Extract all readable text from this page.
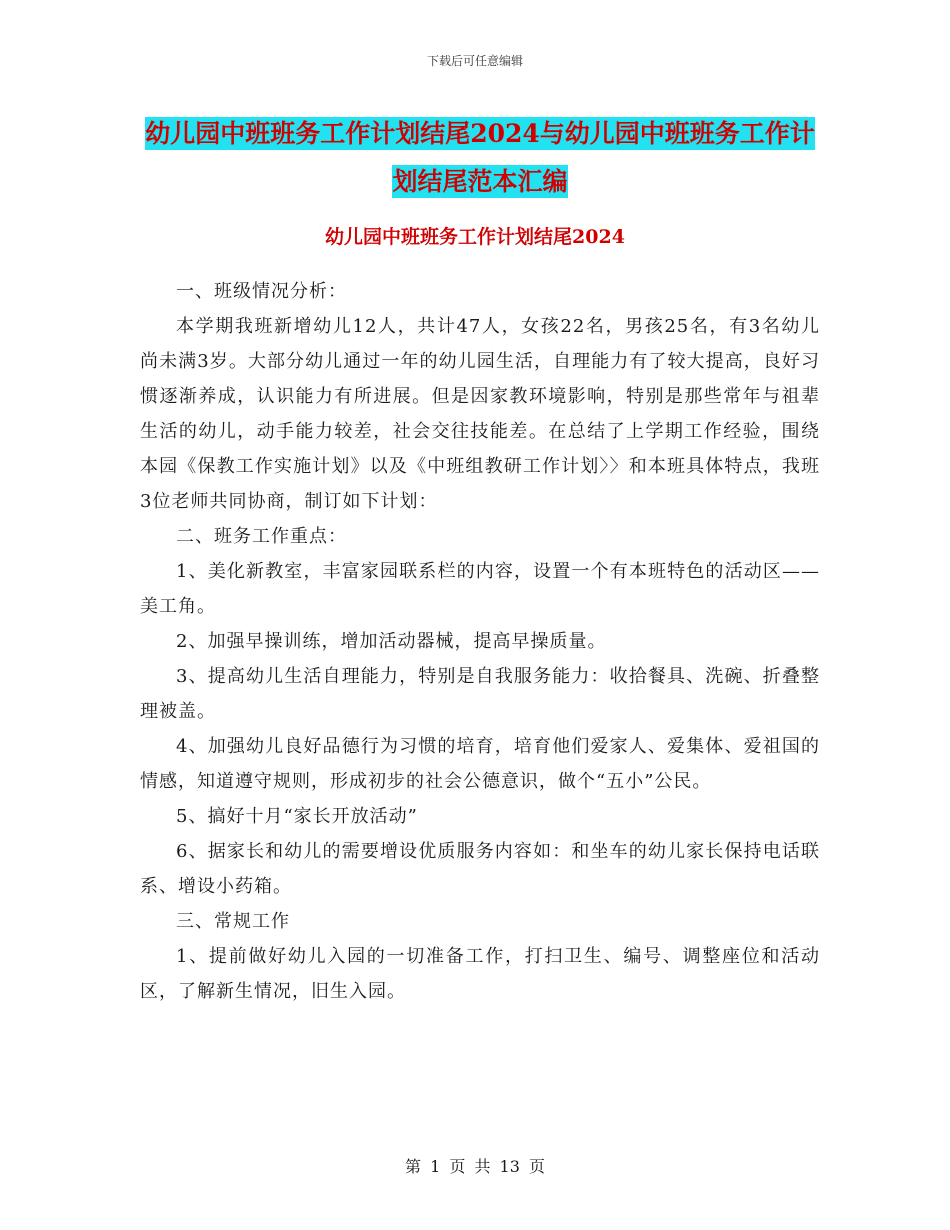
下载后可任意编辑
幼儿园中班班务工作计划结尾2024与幼儿园中班班务工作计划结尾范本汇编
幼儿园中班班务工作计划结尾2024

一、班级情况分析：

本学期我班新增幼儿12人，共计47人，女孩22名，男孩25名，有3名幼儿尚未满3岁。大部分幼儿通过一年的幼儿园生活，自理能力有了较大提高，良好习惯逐渐养成，认识能力有所进展。但是因家教环境影响，特别是那些常年与祖辈生活的幼儿，动手能力较差，社会交往技能差。在总结了上学期工作经验，围绕本园《保教工作实施计划》以及《中班组教研工作计划〉〉和本班具体特点，我班3位老师共同协商，制订如下计划：

二、班务工作重点：

1、美化新教室，丰富家园联系栏的内容，设置一个有本班特色的活动区——美工角。

2、加强早操训练，增加活动器械，提高早操质量。

3、提高幼儿生活自理能力，特别是自我服务能力：收拾餐具、洗碗、折叠整理被盖。

4、加强幼儿良好品德行为习惯的培育，培育他们爱家人、爱集体、爱祖国的情感，知道遵守规则，形成初步的社会公德意识，做个“五小”公民。

5、搞好十月“家长开放活动”

6、据家长和幼儿的需要增设优质服务内容如：和坐车的幼儿家长保持电话联系、增设小药箱。

三、常规工作

1、提前做好幼儿入园的一切准备工作，打扫卫生、编号、调整座位和活动区，了解新生情况，旧生入园。

第 1 页 共 13 页
